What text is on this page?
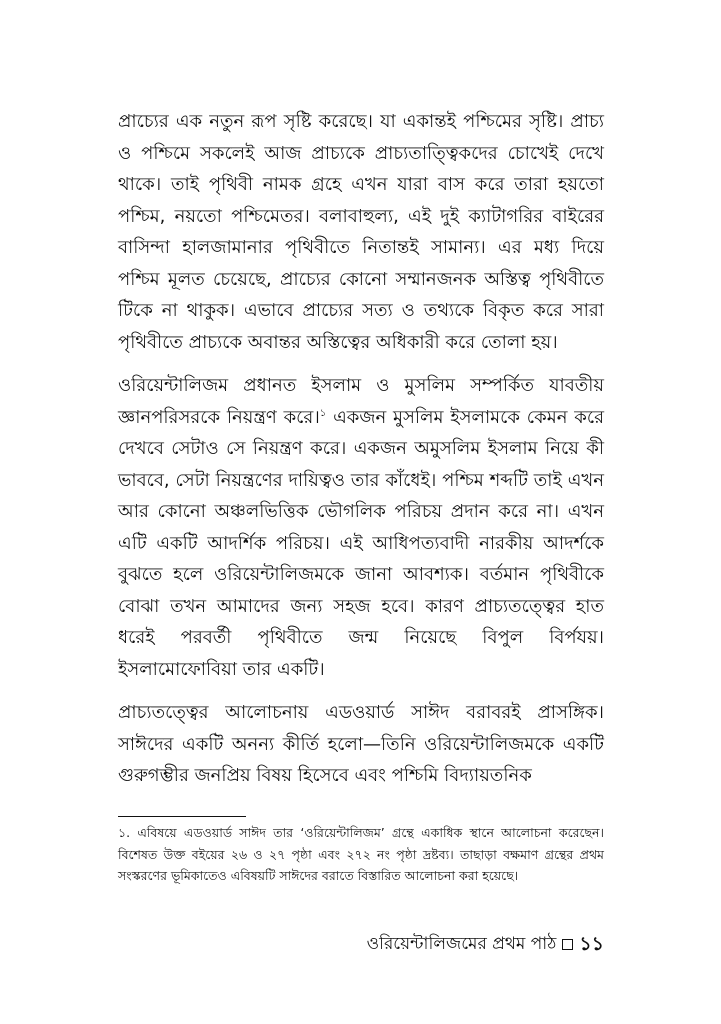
প্রাচ্যের এক নতুন রূপ সৃষ্টি করেছে। যা একান্তই পশ্চিমের সৃষ্টি। প্রাচ্য ও পশ্চিমে সকলেই আজ প্রাচ্যকে প্রাচ্যতাত্ত্বিকদের চোখেই দেখে থাকে। তাই পৃথিবী নামক গ্রহে এখন যারা বাস করে তারা হয়তো পশ্চিম, নয়তো পশ্চিমেতর। বলাবাহুল্য, এই দুই ক্যাটাগরির বাইরের বাসিন্দা হালজামানার পৃথিবীতে নিতান্তই সামান্য। এর মধ্য দিয়ে পশ্চিম মূলত চেয়েছে, প্রাচ্যের কোনো সম্মানজনক অস্তিত্ব পৃথিবীতে টিকে না থাকুক। এভাবে প্রাচ্যের সত্য ও তথ্যকে বিকৃত করে সারা পৃথিবীতে প্রাচ্যকে অবান্তর অস্তিত্বের অধিকারী করে তোলা হয়।

ওরিয়েন্টালিজম প্রধানত ইসলাম ও মুসলিম সম্পর্কিত যাবতীয় জ্ঞানপরিসরকে নিয়ন্ত্রণ করে।$^১$ একজন মুসলিম ইসলামকে কেমন করে দেখবে সেটাও সে নিয়ন্ত্রণ করে। একজন অমুসলিম ইসলাম নিয়ে কী ভাববে, সেটা নিয়ন্ত্রণের দায়িত্বও তার কাঁধেই। পশ্চিম শব্দটি তাই এখন আর কোনো অঞ্চলভিত্তিক ভৌগলিক পরিচয় প্রদান করে না। এখন এটি একটি আদর্শিক পরিচয়। এই আধিপত্যবাদী নারকীয় আদর্শকে বুঝতে হলে ওরিয়েন্টালিজমকে জানা আবশ্যক। বর্তমান পৃথিবীকে বোঝা তখন আমাদের জন্য সহজ হবে। কারণ প্রাচ্যতত্ত্বের হাত ধরেই পরবর্তী পৃথিবীতে জন্ম নিয়েছে বিপুল বির্পযয়। ইসলামোফোবিয়া তার একটি।

প্রাচ্যতত্ত্বের আলোচনায় এডওয়ার্ড সাঈদ বরাবরই প্রাসঙ্গিক। সাঈদের একটি অনন্য কীর্তি হলো—তিনি ওরিয়েন্টালিজমকে একটি গুরুগম্ভীর জনপ্রিয় বিষয় হিসেবে এবং পশ্চিমি বিদ্যায়তনিক

১. এবিষয়ে এডওয়ার্ড সাঈদ তার ‘ওরিয়েন্টালিজম’ গ্রন্থে একাধিক স্থানে আলোচনা করেছেন। বিশেষত উক্ত বইয়ের ২৬ ও ২৭ পৃষ্ঠা এবং ২৭২ নং পৃষ্ঠা দ্রষ্টব্য। তাছাড়া বক্ষমাণ গ্রন্থের প্রথম সংস্করণের ভূমিকাতেও এবিষয়টি সাঈদের বরাতে বিস্তারিত আলোচনা করা হয়েছে।

ওরিয়েন্টালিজমের প্রথম পাঠ ১১
